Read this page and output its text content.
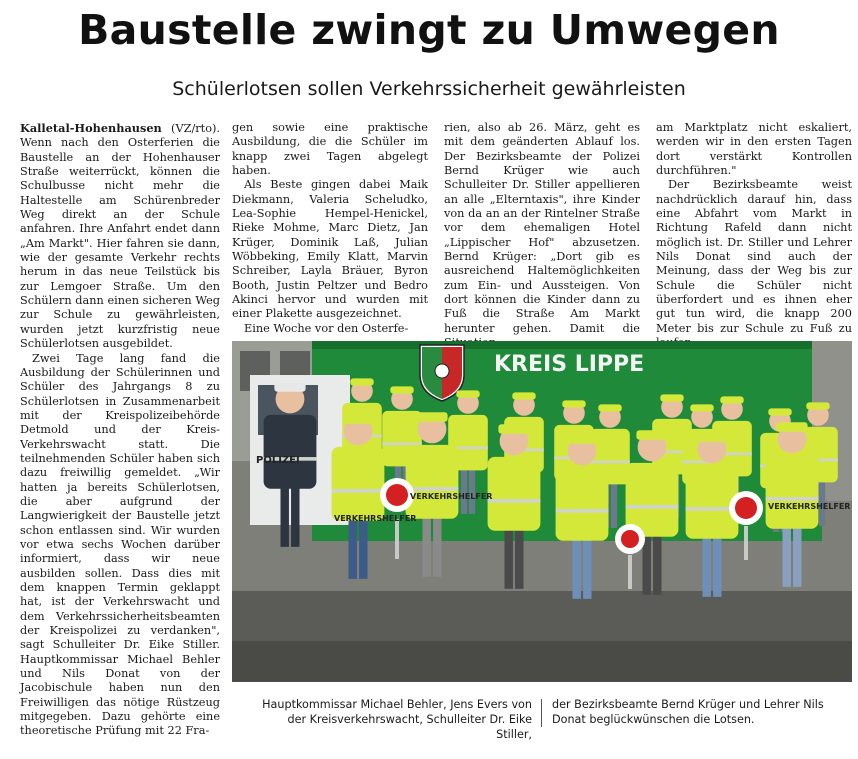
Baustelle zwingt zu Umwegen
Schülerlotsen sollen Verkehrssicherheit gewährleisten

Kalletal-Hohenhausen (VZ/rto). Wenn nach den Osterferien die Baustelle an der Hohenhauser Straße weiterrückt, können die Schulbusse nicht mehr die Haltestelle am Schürenbreder Weg direkt an der Schule anfahren. Ihre Anfahrt endet dann „Am Markt". Hier fahren sie dann, wie der gesamte Verkehr rechts herum in das neue Teilstück bis zur Lemgoer Straße. Um den Schülern dann einen sicheren Weg zur Schule zu gewährleisten, wurden jetzt kurzfristig neue Schülerlotsen ausgebildet.

Zwei Tage lang fand die Ausbildung der Schülerinnen und Schüler des Jahrgangs 8 zu Schülerlotsen in Zusammenarbeit mit der Kreispolizeibehörde Detmold und der Kreis-Verkehrswacht statt. Die teilnehmenden Schüler haben sich dazu freiwillig gemeldet. „Wir hatten ja bereits Schülerlotsen, die aber aufgrund der Langwierigkeit der Baustelle jetzt schon entlassen sind. Wir wurden vor etwa sechs Wochen darüber informiert, dass wir neue ausbilden sollen. Dass dies mit dem knappen Termin geklappt hat, ist der Verkehrswacht und dem Verkehrssicherheitsbeamten der Kreispolizei zu verdanken", sagt Schulleiter Dr. Eike Stiller. Hauptkommissar Michael Behler und Nils Donat von der Jacobischule haben nun den Freiwilligen das nötige Rüstzeug mitgegeben. Dazu gehörte eine theoretische Prüfung mit 22 Fra-

gen sowie eine praktische Ausbildung, die die Schüler im knapp zwei Tagen abgelegt haben.

Als Beste gingen dabei Maik Diekmann, Valeria Scheludko, Lea-Sophie Hempel-Henickel, Rieke Mohme, Marc Dietz, Jan Krüger, Dominik Laß, Julian Wöbbeking, Emily Klatt, Marvin Schreiber, Layla Bräuer, Byron Booth, Justin Peltzer und Bedro Akinci hervor und wurden mit einer Plakette ausgezeichnet.

Eine Woche vor den Osterfe-

rien, also ab 26. März, geht es mit dem geänderten Ablauf los. Der Bezirksbeamte der Polizei Bernd Krüger wie auch Schulleiter Dr. Stiller appellieren an alle „Elterntaxis", ihre Kinder von da an an der Rintelner Straße vor dem ehemaligen Hotel „Lippischer Hof" abzusetzen. Bernd Krüger: „Dort gib es ausreichend Haltemöglichkeiten zum Ein- und Aussteigen. Von dort können die Kinder dann zu Fuß die Straße Am Markt herunter gehen. Damit die

am Marktplatz nicht eskaliert, werden wir in den ersten Tagen dort verstärkt Kontrollen durchführen."

Der Bezirksbeamte weist nachdrücklich darauf hin, dass eine Abfahrt vom Markt in Richtung Rafeld dann nicht möglich ist. Dr. Stiller und Lehrer Nils Donat sind auch der Meinung, dass der Weg bis zur Schule die Schüler nicht überfordert und es ihnen eher gut tun wird, die knapp 200 Meter bis zur Schule zu Fuß zu

KREIS LIPPE
POLIZEI
VERKEHRSHELFER
VERKEHRSHELFER
VERKEHRSHELFER
Hauptkommissar Michael Behler, Jens Evers von der Kreisverkehrswacht, Schulleiter Dr. Eike Stiller,
der Bezirksbeamte Bernd Krüger und Lehrer Nils Donat beglückwünschen die Lotsen.
